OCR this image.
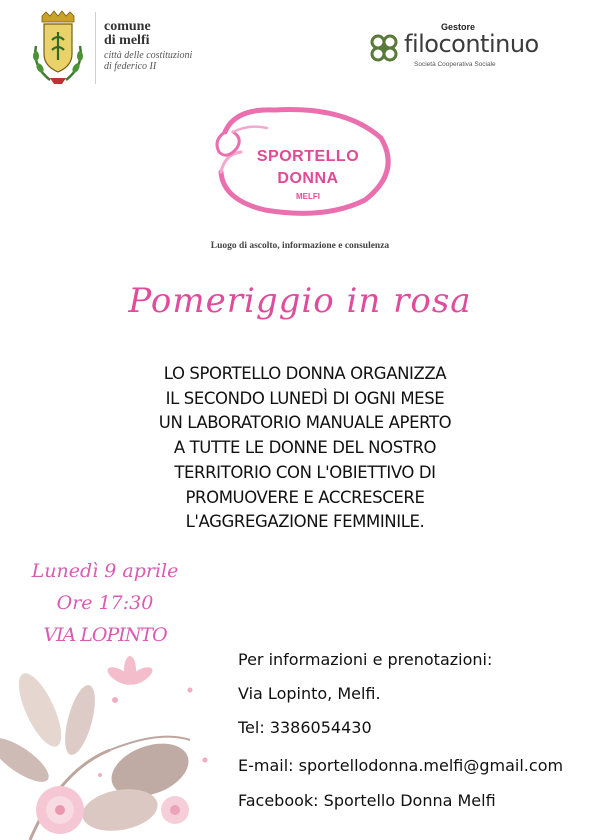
comune
di melfi
città delle costituzioni
di federico II
Gestore
filocontinuo
Società Cooperativa Sociale
SPORTELLO
DONNA
MELFI
Luogo di ascolto, informazione e consulenza
Pomeriggio in rosa
LO SPORTELLO DONNA ORGANIZZA
IL SECONDO LUNEDÌ DI OGNI MESE
UN LABORATORIO MANUALE APERTO
A TUTTE LE DONNE DEL NOSTRO
TERRITORIO CON L'OBIETTIVO DI
PROMUOVERE E ACCRESCERE
L'AGGREGAZIONE FEMMINILE.
Lunedì 9 aprile
Ore 17:30
VIA LOPINTO
Per informazioni e prenotazioni:
Via Lopinto, Melfi.
Tel: 3386054430
E-mail: sportellodonna.melfi@gmail.com
Facebook: Sportello Donna Melfi
